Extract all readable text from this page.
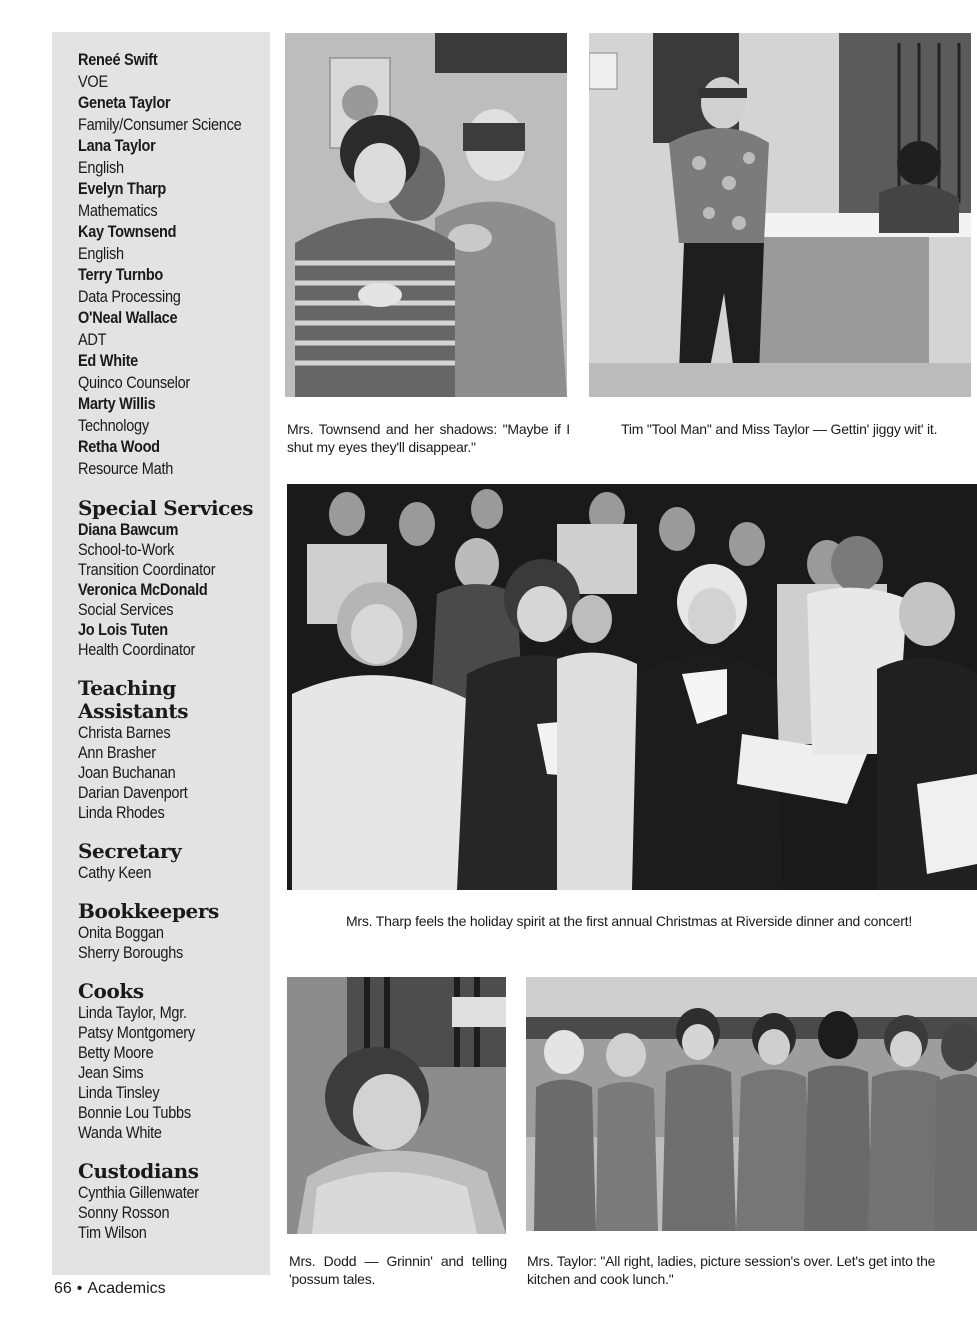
Reneé Swift
VOE
Geneta Taylor
Family/Consumer Science
Lana Taylor
English
Evelyn Tharp
Mathematics
Kay Townsend
English
Terry Turnbo
Data Processing
O'Neal Wallace
ADT
Ed White
Quinco Counselor
Marty Willis
Technology
Retha Wood
Resource Math
Special Services
Diana Bawcum
School-to-Work
Transition Coordinator
Veronica McDonald
Social Services
Jo Lois Tuten
Health Coordinator
Teaching
Assistants
Christa Barnes
Ann Brasher
Joan Buchanan
Darian Davenport
Linda Rhodes
Secretary
Cathy Keen
Bookkeepers
Onita Boggan
Sherry Boroughs
Cooks
Linda Taylor, Mgr.
Patsy Montgomery
Betty Moore
Jean Sims
Linda Tinsley
Bonnie Lou Tubbs
Wanda White
Custodians
Cynthia Gillenwater
Sonny Rosson
Tim Wilson
66 • Academics
Mrs. Townsend and her shadows: "Maybe if I shut my eyes they'll disappear."
Tim "Tool Man" and Miss Taylor — Gettin' jiggy wit' it.
Mrs. Tharp feels the holiday spirit at the first annual Christmas at Riverside dinner and concert!
Mrs. Dodd — Grinnin' and telling 'possum tales.
Mrs. Taylor: "All right, ladies, picture session's over. Let's get into the kitchen and cook lunch."
